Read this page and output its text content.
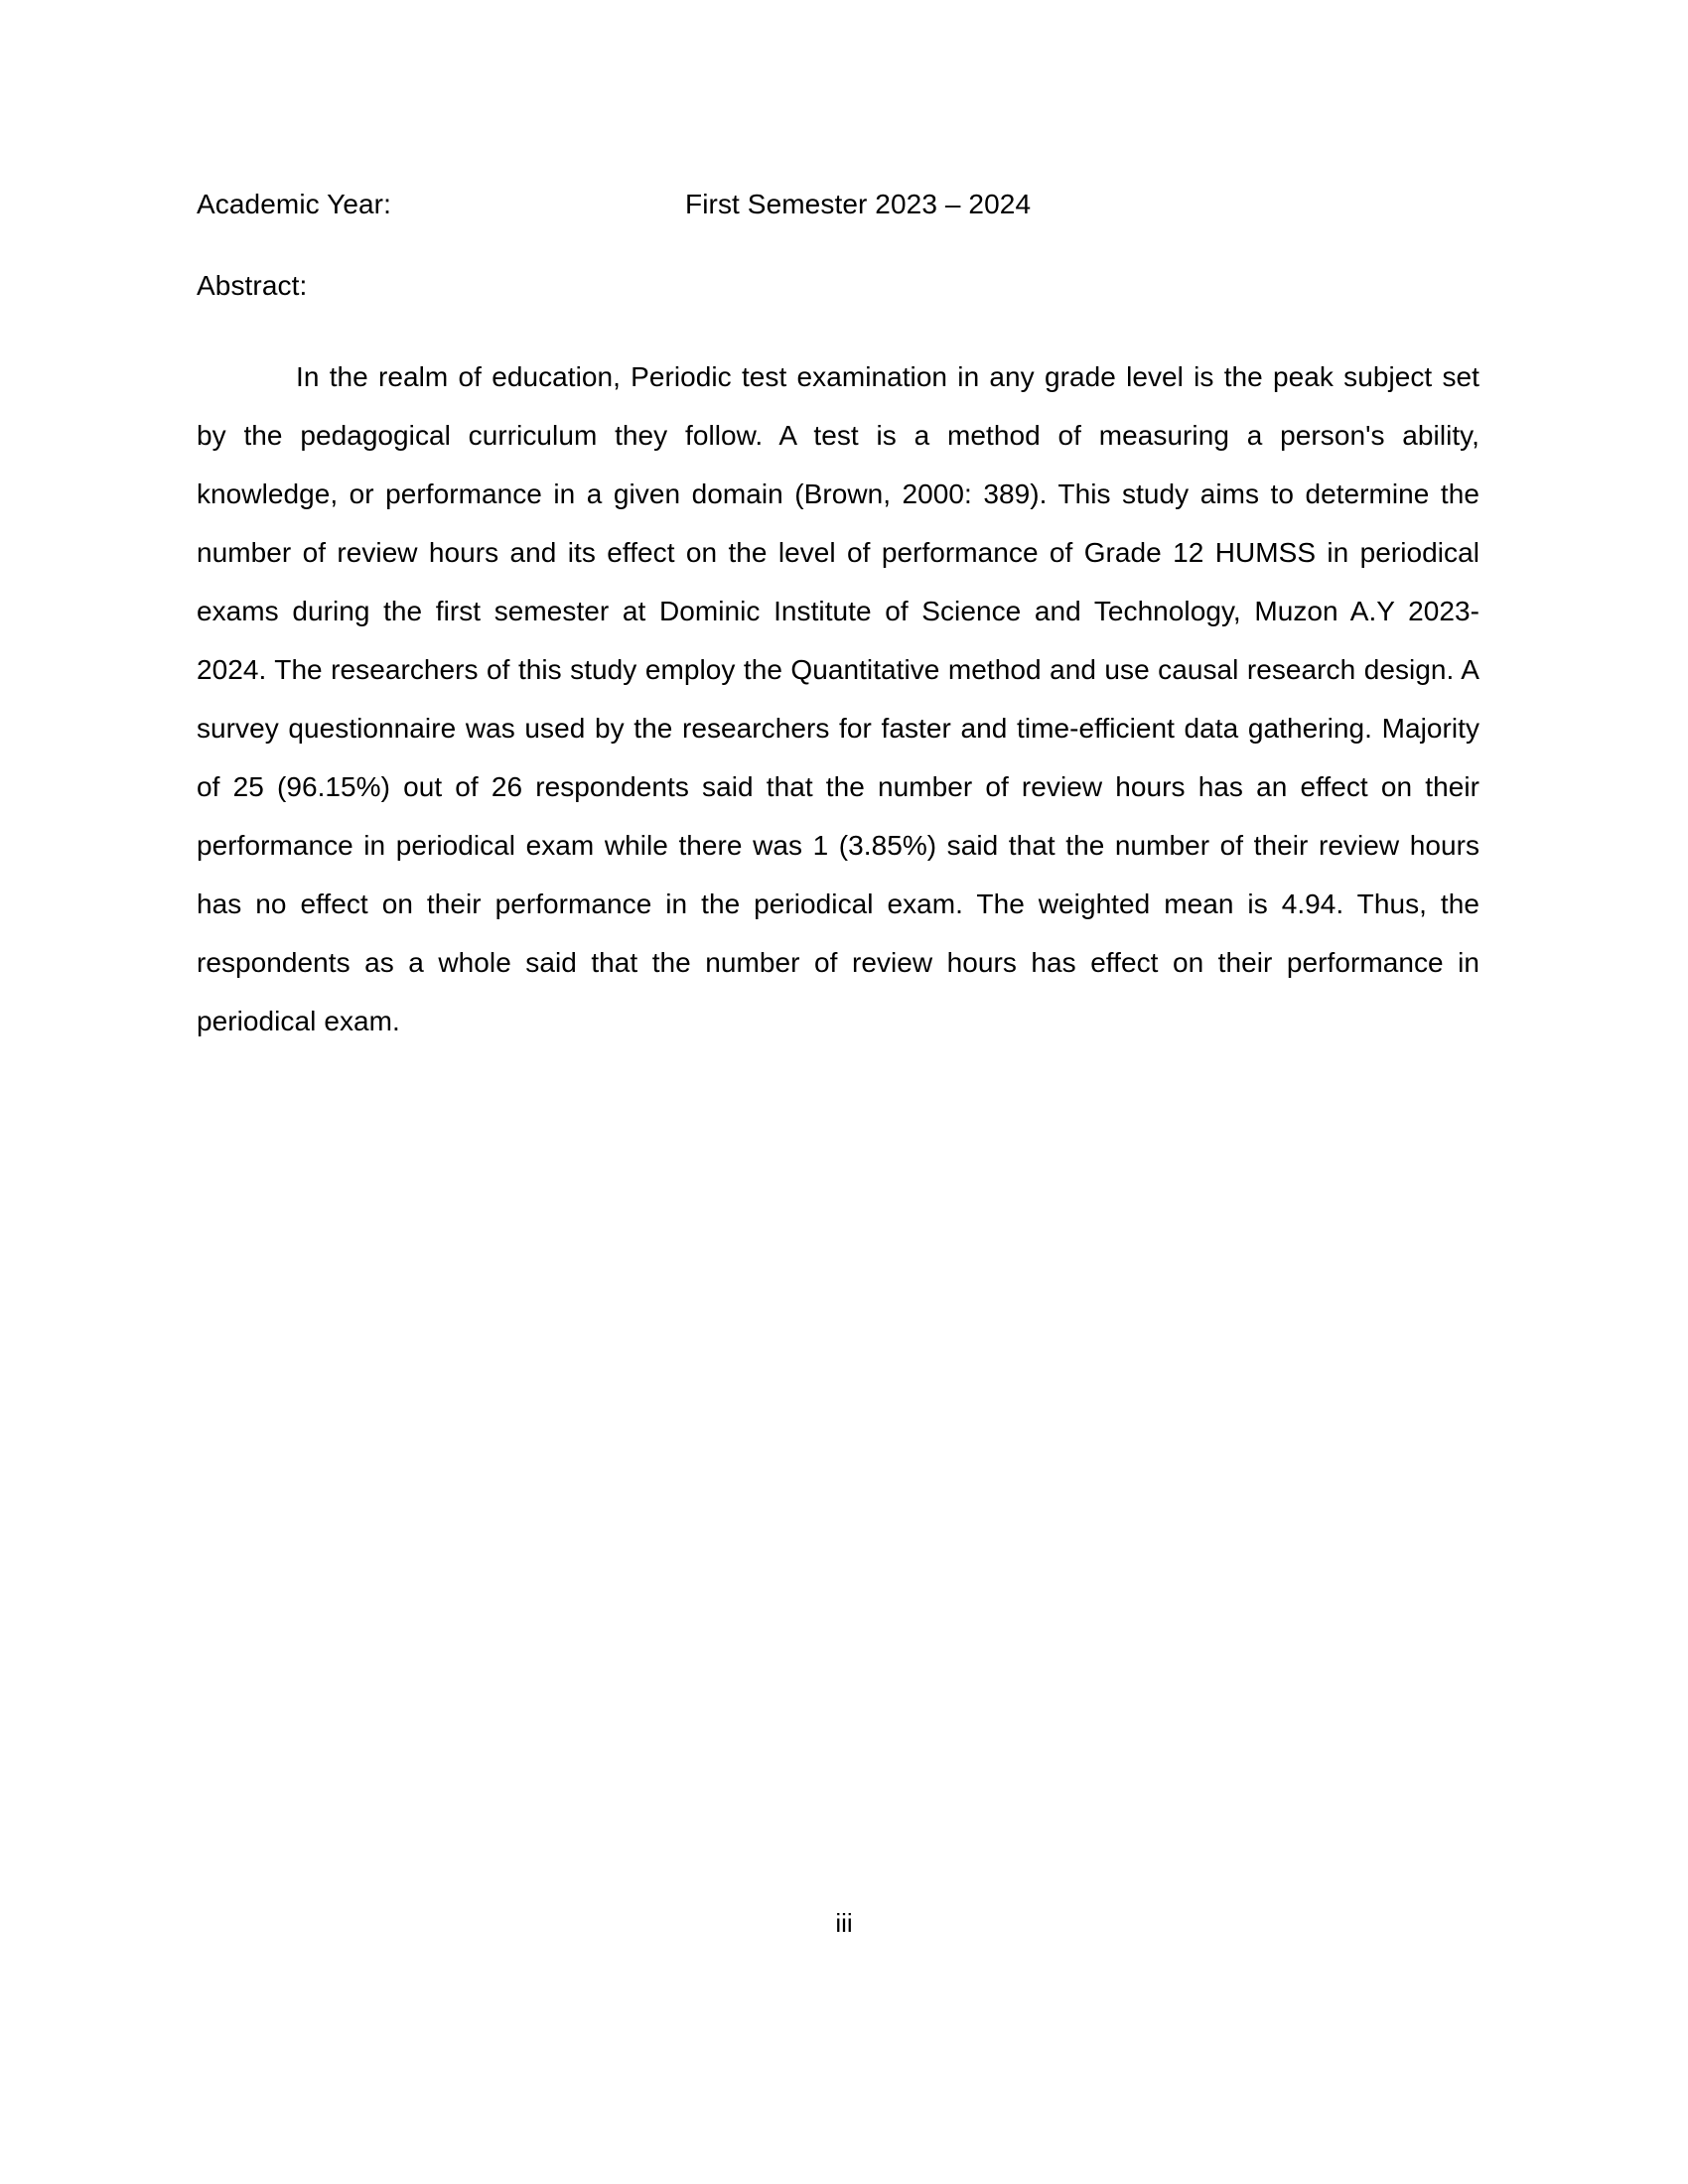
Academic Year:	First Semester 2023 – 2024
Abstract:

In the realm of education, Periodic test examination in any grade level is the peak subject set by the pedagogical curriculum they follow. A test is a method of measuring a person's ability, knowledge, or performance in a given domain (Brown, 2000: 389). This study aims to determine the number of review hours and its effect on the level of performance of Grade 12 HUMSS in periodical exams during the first semester at Dominic Institute of Science and Technology, Muzon A.Y 2023- 2024. The researchers of this study employ the Quantitative method and use causal research design. A survey questionnaire was used by the researchers for faster and time-efficient data gathering. Majority of 25 (96.15%) out of 26 respondents said that the number of review hours has an effect on their performance in periodical exam while there was 1 (3.85%) said that the number of their review hours has no effect on their performance in the periodical exam. The weighted mean is 4.94. Thus, the respondents as a whole said that the number of review hours has effect on their performance in periodical exam.

iii
